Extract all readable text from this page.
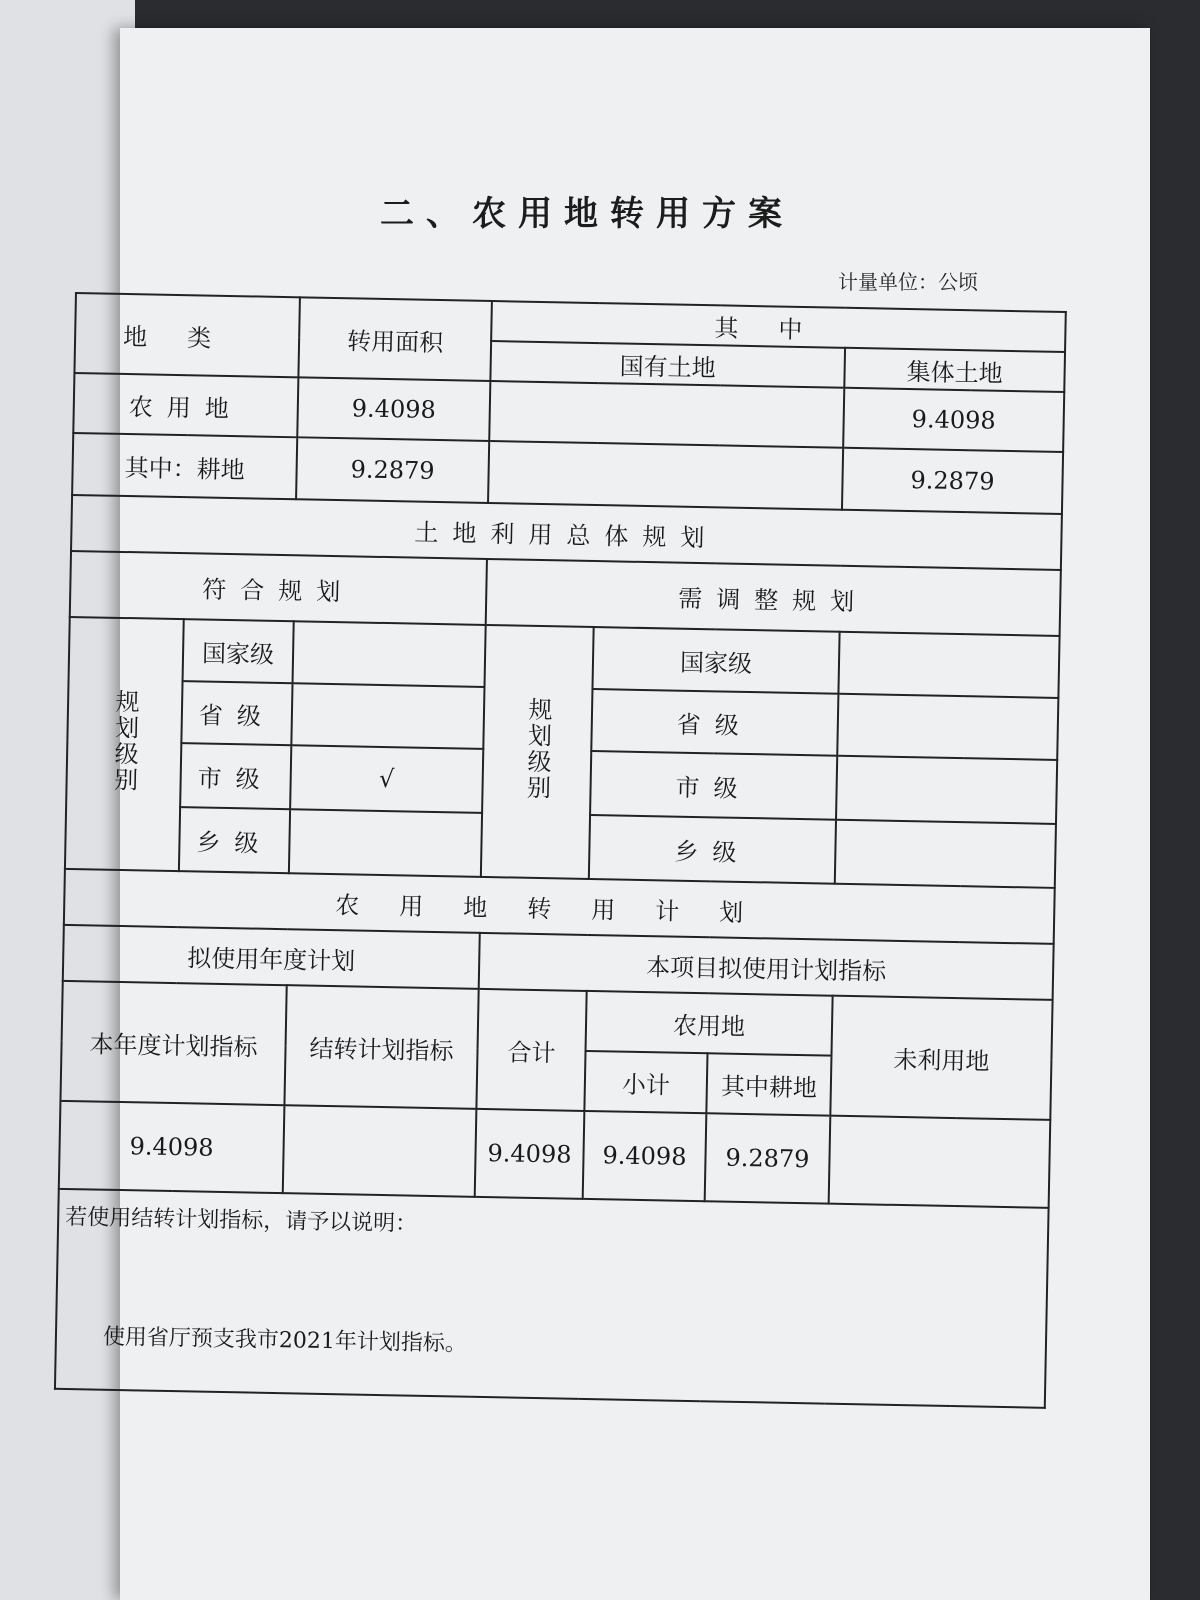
二、农用地转用方案
计量单位：公顷
地类		转用面积	其中			
			国有土地			集体土地
农用地		9.4098				9.4098
其中：耕地		9.2879				9.2879
土地利用总体规划						
符合规划			需调整规划			
规划级别	国家级		规划级别	国家级		
	省级			省级		
	市级	√		市级		
	乡级			乡级		
农用地转用计划						
拟使用年度计划			本项目拟使用计划指标			
本年度计划指标		结转计划指标	合计	农用地		未利用地
				小计	其中耕地	
9.4098			9.4098	9.4098	9.2879	

若使用结转计划指标，请予以说明：
使用省厅预支我市2021年计划指标。						
